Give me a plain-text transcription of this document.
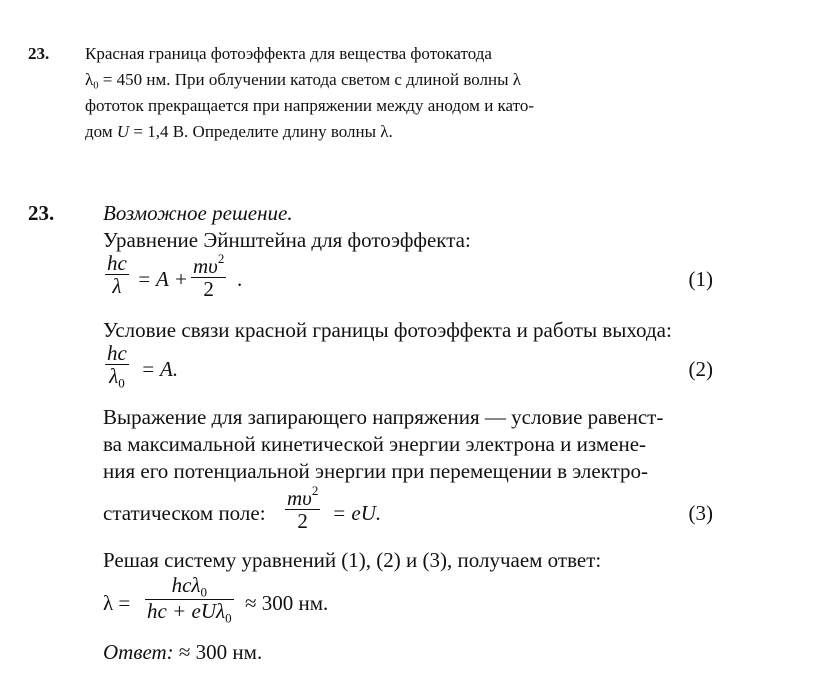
23. Красная граница фотоэффекта для вещества фотокатода
$\lambda_0 = 450$ нм. При облучении катода светом с длиной волны λ
фототок прекращается при напряжении между анодом и като-
дом U = 1,4 В. Определите длину волны λ.
23. Возможное решение.
Уравнение Эйнштейна для фотоэффекта:
$\frac{hc}{\lambda} = A + \frac{m\upsilon^2}{2}$ .	(1)
Условие связи красной границы фотоэффекта и работы выхода:
$\frac{hc}{\lambda_0} = A$.	(2)
Выражение для запирающего напряжения — условие равенст-
ва максимальной кинетической энергии электрона и измене-
ния его потенциальной энергии при перемещении в электро-
статическом поле: $\frac{m\upsilon^2}{2}$ = eU.	(3)
Решая систему уравнений (1), (2) и (3), получаем ответ:
λ =
hcλ$_0$
hc + eUλ$_0$
≈ 300 нм.
Ответ: ≈ 300 нм.
